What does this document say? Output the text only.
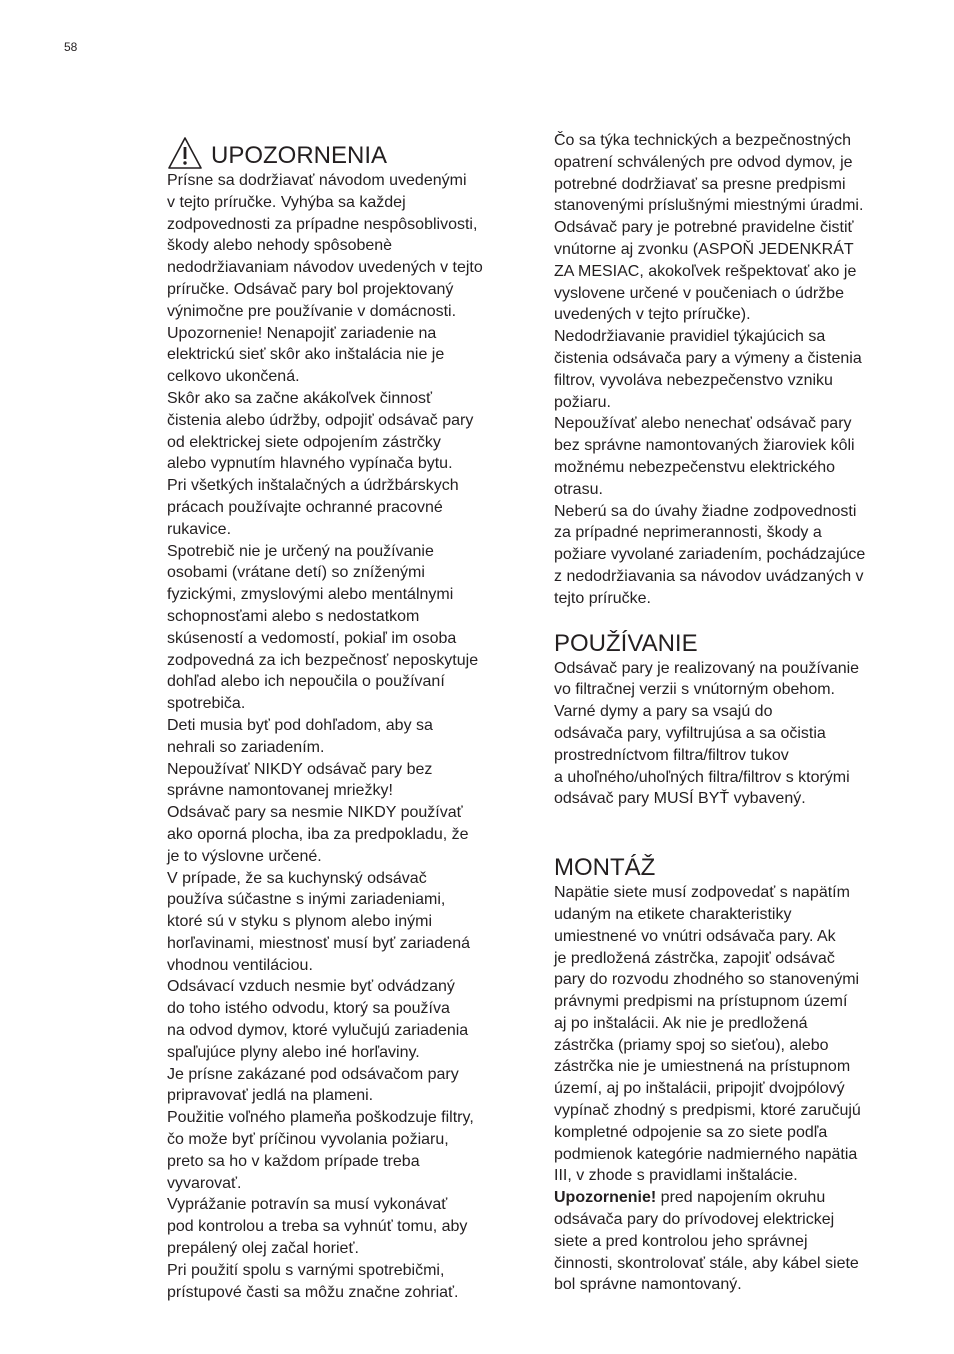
58
UPOZORNENIA
Prísne sa dodržiavať návodom uvedenými
v tejto príručke. Vyhýba sa každej
zodpovednosti za prípadne nespôsoblivosti,
škody alebo nehody spôsobenè
nedodržiavaniam návodov uvedených v tejto
príručke. Odsávač pary bol projektovaný
výnimočne pre používanie v domácnosti.
Upozornenie! Nenapojiť zariadenie na
elektrickú sieť skôr ako inštalácia nie je
celkovo ukončená.
Skôr ako sa začne akákoľvek činnosť
čistenia alebo údržby, odpojiť odsávač pary
od elektrickej siete odpojením zástrčky
alebo vypnutím hlavného vypínača bytu.
Pri všetkých inštalačných a údržbárskych
prácach používajte ochranné pracovné
rukavice.
Spotrebič nie je určený na používanie
osobami (vrátane detí) so zníženými
fyzickými, zmyslovými alebo mentálnymi
schopnosťami alebo s nedostatkom
skúseností a vedomostí, pokiaľ im osoba
zodpovedná za ich bezpečnosť neposkytuje
dohľad alebo ich nepoučila o používaní
spotrebiča.
Deti musia byť pod dohľadom, aby sa
nehrali so zariadením.
Nepoužívať NIKDY odsávač pary bez
správne namontovanej mriežky!
Odsávač pary sa nesmie NIKDY používať
ako oporná plocha, iba za predpokladu, že
je to výslovne určené.
V prípade, že sa kuchynský odsávač
používa súčastne s inými zariadeniami,
ktoré sú v styku s plynom alebo inými
horľavinami, miestnosť musí byť zariadená
vhodnou ventiláciou.
Odsávací vzduch nesmie byť odvádzaný
do toho istého odvodu, ktorý sa používa
na odvod dymov, ktoré vylučujú zariadenia
spaľujúce plyny alebo iné horľaviny.
Je prísne zakázané pod odsávačom pary
pripravovať jedlá na plameni.
Použitie voľného plameňa poškodzuje filtry,
čo može byť príčinou vyvolania požiaru,
preto sa ho v každom prípade treba
vyvarovať.
Vyprážanie potravín sa musí vykonávať
pod kontrolou a treba sa vyhnúť tomu, aby
prepálený olej začal horieť.
Pri použití spolu s varnými spotrebičmi,
prístupové časti sa môžu značne zohriať.
Čo sa týka technických a bezpečnostných
opatrení schválených pre odvod dymov, je
potrebné dodržiavať sa presne predpismi
stanovenými príslušnými miestnými úradmi.
Odsávač pary je potrebné pravidelne čistiť
vnútorne aj zvonku (ASPOŇ JEDENKRÁT
ZA MESIAC, akokoľvek rešpektovať ako je
vyslovene určené v poučeniach o údržbe
uvedených v tejto príručke).
Nedodržiavanie pravidiel týkajúcich sa
čistenia odsávača pary a výmeny a čistenia
filtrov, vyvoláva nebezpečenstvo vzniku
požiaru.
Nepoužívať alebo nenechať odsávač pary
bez správne namontovaných žiaroviek kôli
možnému nebezpečenstvu elektrického
otrasu.
Neberú sa do úvahy žiadne zodpovednosti
za prípadné neprimerannosti, škody a
požiare vyvolané zariadením, pochádzajúce
z nedodržiavania sa návodov uvádzaných v
tejto príručke.
POUŽÍVANIE
Odsávač pary je realizovaný na používanie
vo filtračnej verzii s vnútorným obehom.
Varné dymy a pary sa vsajú do
odsávača pary, vyfiltrujúsa a sa očistia
prostredníctvom filtra/filtrov tukov
a uhoľného/uhoľných filtra/filtrov s ktorými
odsávač pary MUSÍ BYŤ vybavený.
MONTÁŽ
Napätie siete musí zodpovedať s napätím
udaným na etikete charakteristiky
umiestnené vo vnútri odsávača pary. Ak
je predložená zástrčka, zapojiť odsávač
pary do rozvodu zhodného so stanovenými
právnymi predpismi na prístupnom území
aj po inštalácii. Ak nie je predložená
zástrčka (priamy spoj so sieťou), alebo
zástrčka nie je umiestnená na prístupnom
území, aj po inštalácii, pripojiť dvojpólový
vypínač zhodný s predpismi, ktoré zaručujú
kompletné odpojenie sa zo siete podľa
podmienok kategórie nadmierného napätia
III, v zhode s pravidlami inštalácie.
Upozornenie! pred napojením okruhu
odsávača pary do prívodovej elektrickej
siete a pred kontrolou jeho správnej
činnosti, skontrolovať stále, aby kábel siete
bol správne namontovaný.
